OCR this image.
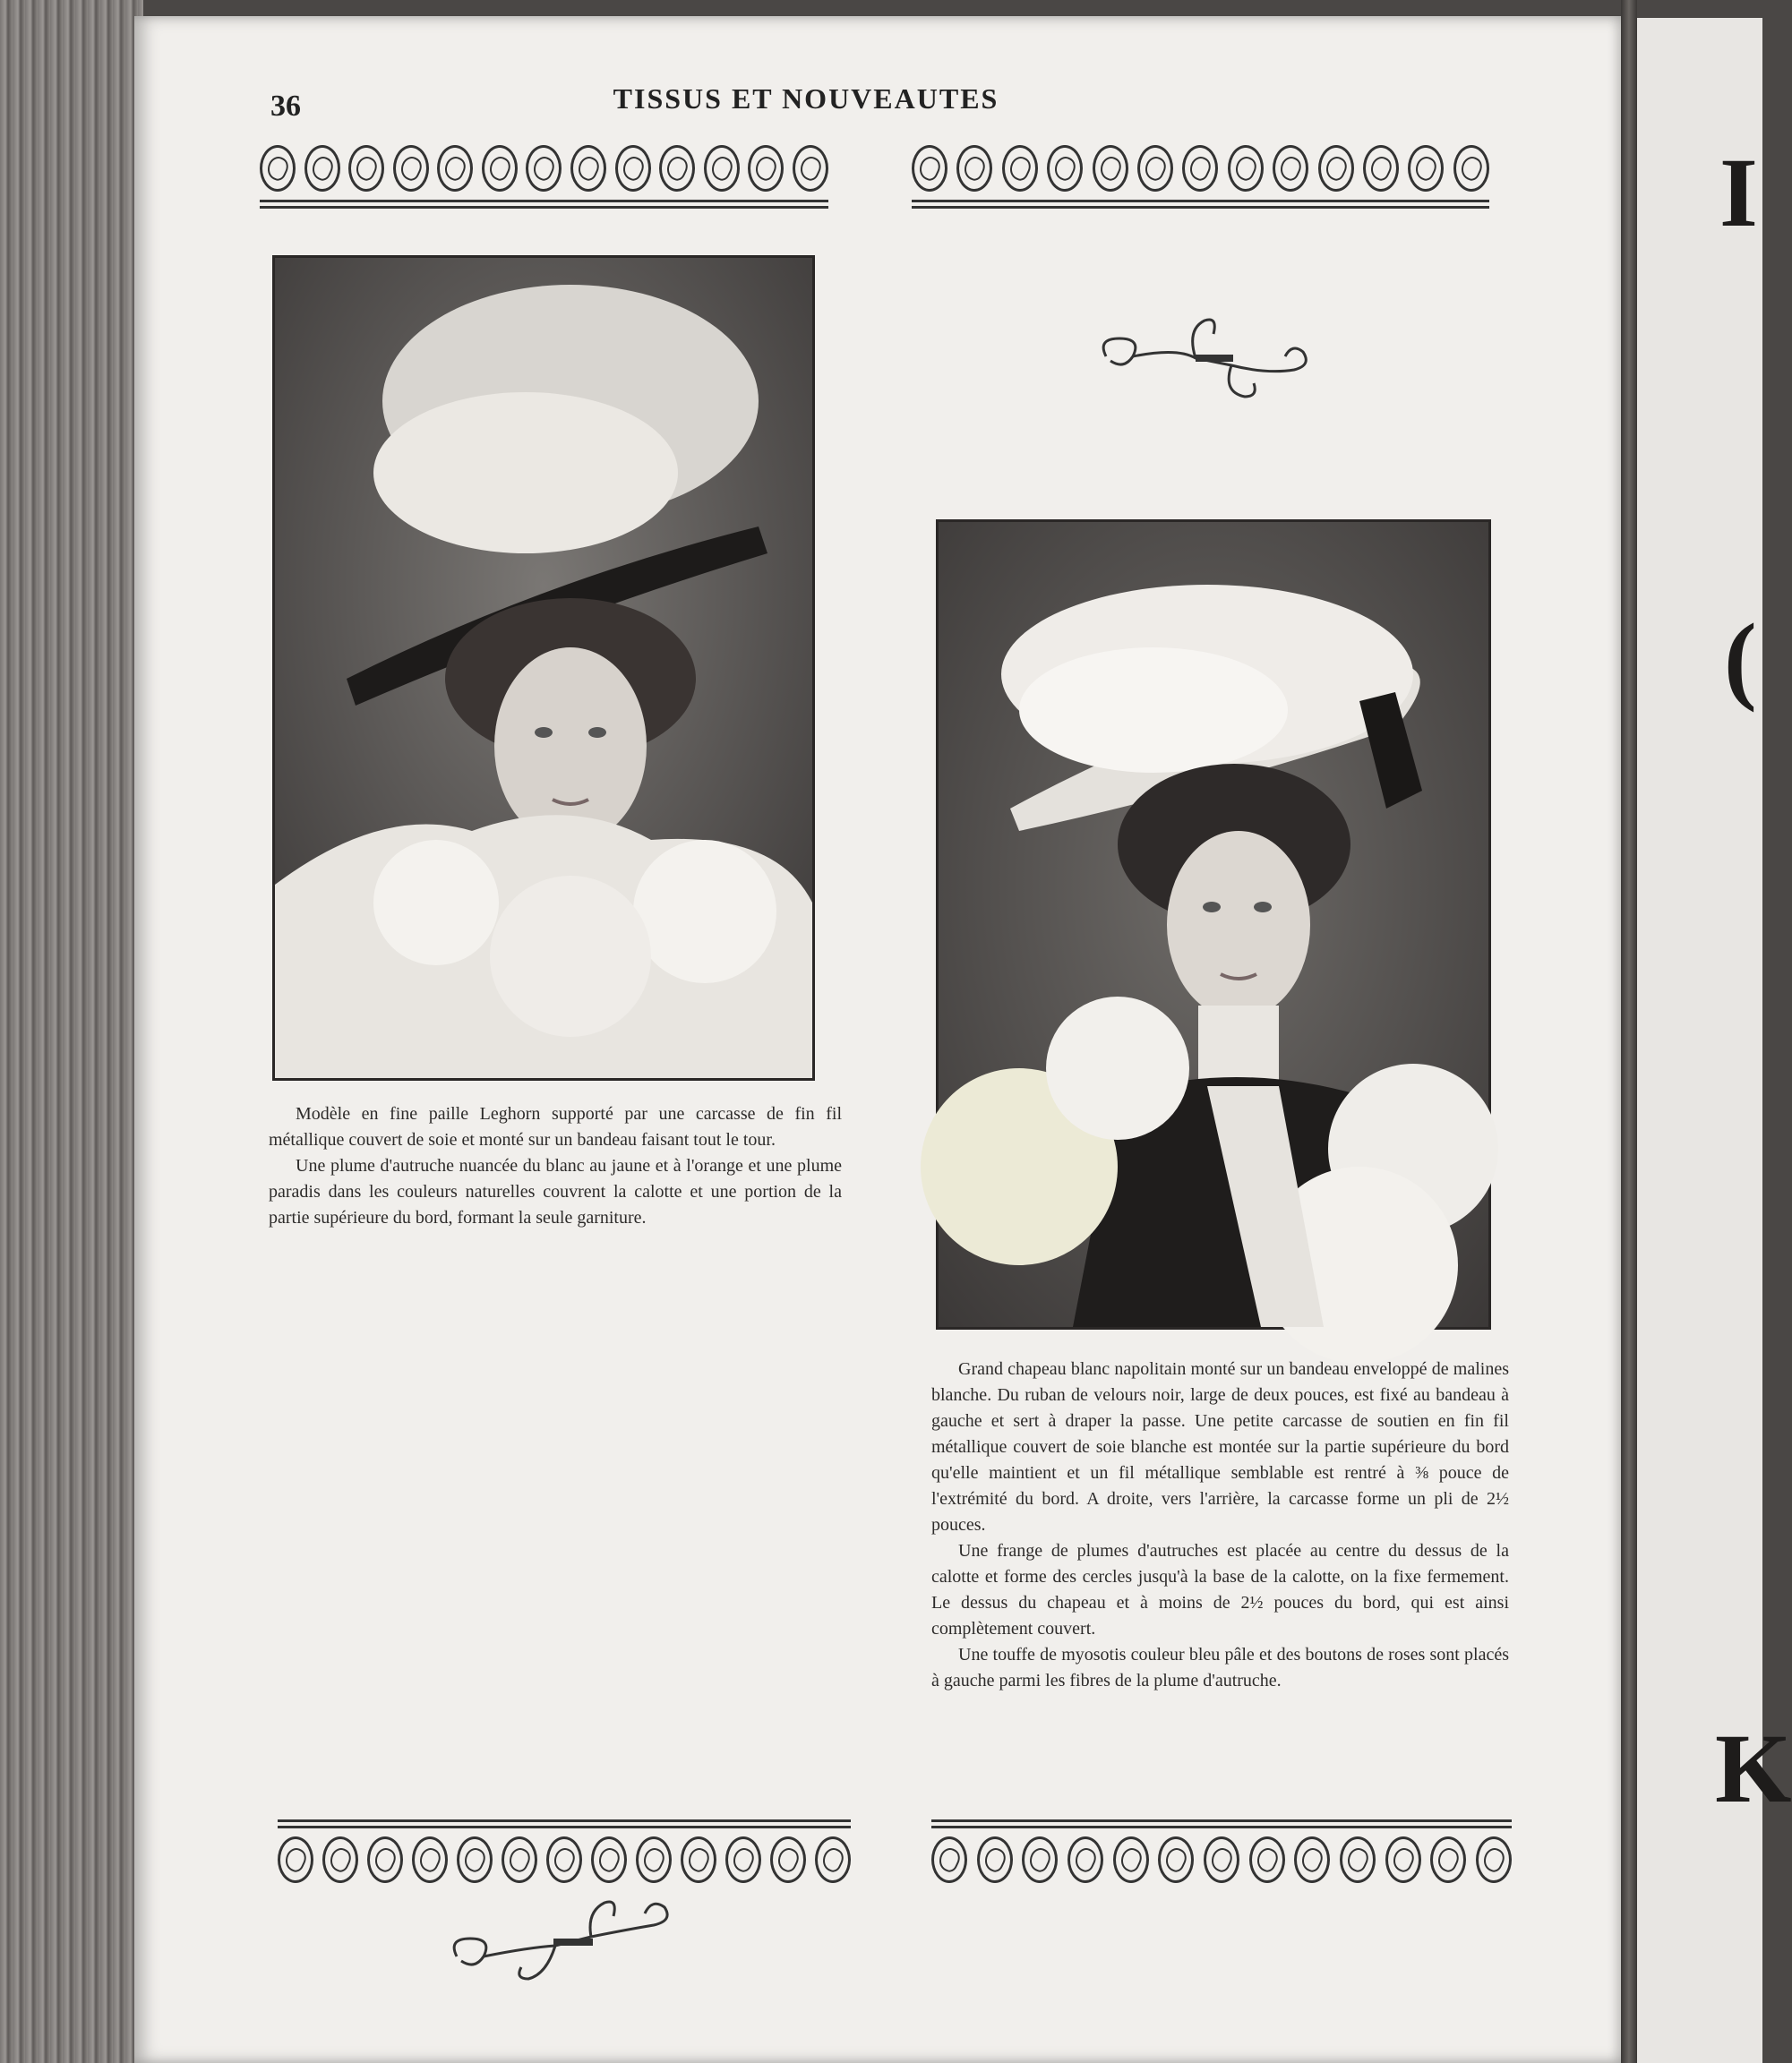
I
(
K
36	TISSUS ET NOUVEAUTES

Modèle en fine paille Leghorn supporté par une carcasse de fin fil métallique couvert de soie et monté sur un bandeau faisant tout le tour.

Une plume d'autruche nuancée du blanc au jaune et à l'orange et une plume paradis dans les couleurs naturelles couvrent la calotte et une portion de la partie supérieure du bord, formant la seule garniture.

Grand chapeau blanc napolitain monté sur un bandeau enveloppé de malines blanche. Du ruban de velours noir, large de deux pouces, est fixé au bandeau à gauche et sert à draper la passe. Une petite carcasse de soutien en fin fil métallique couvert de soie blanche est montée sur la partie supérieure du bord qu'elle maintient et un fil métallique semblable est rentré à ⅜ pouce de l'extrémité du bord. A droite, vers l'arrière, la carcasse forme un pli de 2½ pouces.

Une frange de plumes d'autruches est placée au centre du dessus de la calotte et forme des cercles jusqu'à la base de la calotte, on la fixe fermement. Le dessus du chapeau et à moins de 2½ pouces du bord, qui est ainsi complètement couvert.

Une touffe de myosotis couleur bleu pâle et des boutons de roses sont placés à gauche parmi les fibres de la plume d'autruche.
